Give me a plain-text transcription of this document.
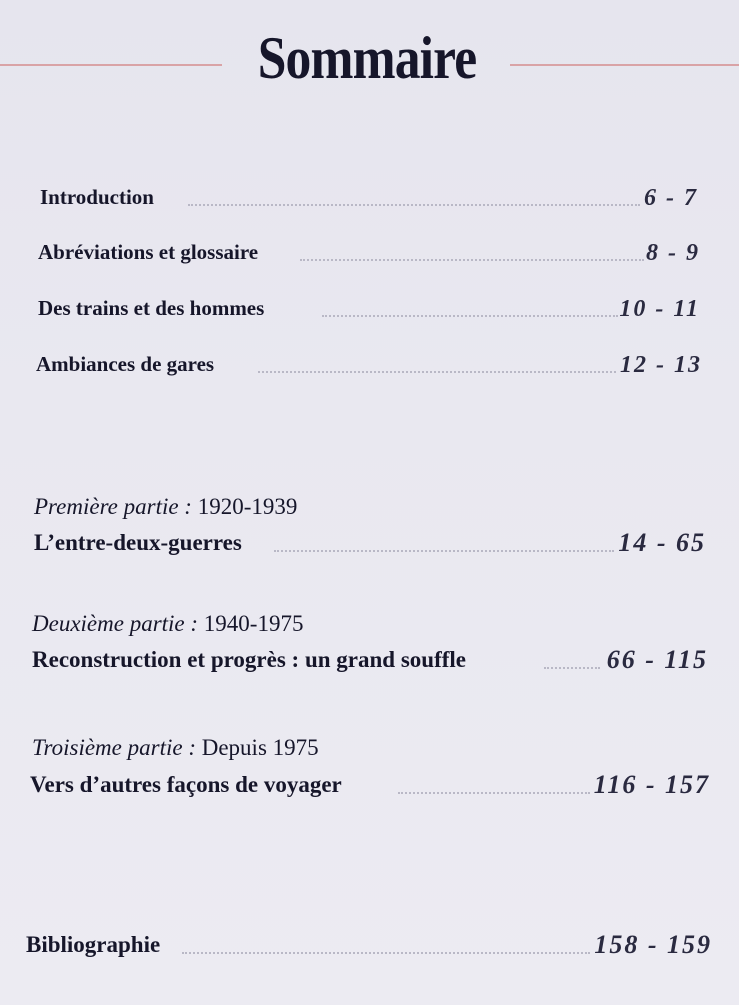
Sommaire
Introduction	6 - 7
Abréviations et glossaire	8 - 9
Des trains et des hommes	10 - 11
Ambiances de gares	12 - 13
Première partie : 1920-1939
L’entre-deux-guerres	14 - 65
Deuxième partie : 1940-1975
Reconstruction et progrès : un grand souffle	66 - 115
Troisième partie : Depuis 1975
Vers d’autres façons de voyager	116 - 157
Bibliographie	158 - 159
